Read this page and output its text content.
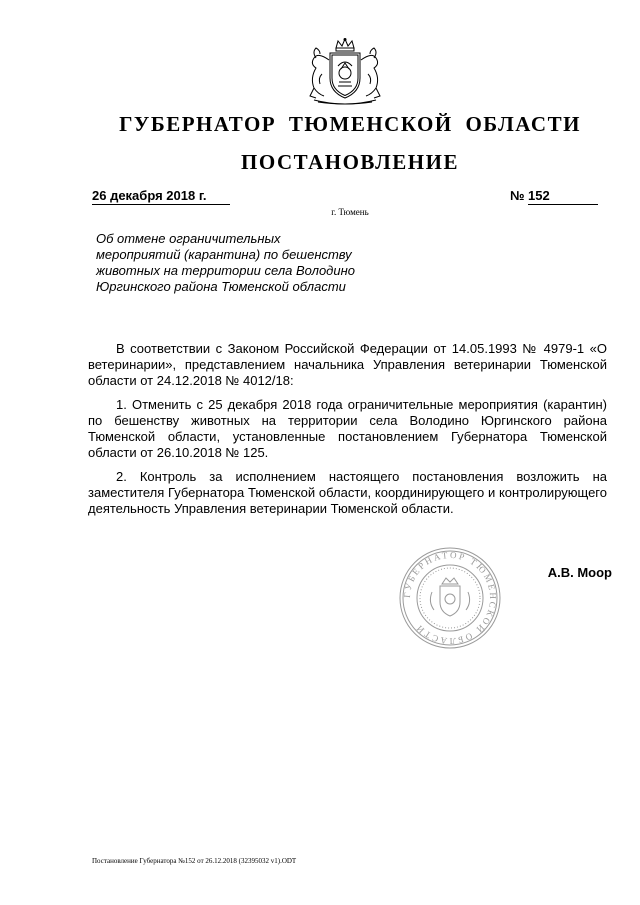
ГУБЕРНАТОР ТЮМЕНСКОЙ ОБЛАСТИ
ПОСТАНОВЛЕНИЕ
26 декабря 2018 г.	№ 152
г. Тюмень
Об отмене ограничительных
мероприятий (карантина) по бешенству
животных на территории села Володино
Юргинского района Тюменской области

В соответствии с Законом Российской Федерации от 14.05.1993 № 4979-1 «О ветеринарии», представлением начальника Управления ветеринарии Тюменской области от 24.12.2018 № 4012/18:

1. Отменить с 25 декабря 2018 года ограничительные мероприятия (карантин) по бешенству животных на территории села Володино Юргинского района Тюменской области, установленные постановлением Губернатора Тюменской области от 26.10.2018 № 125.

2. Контроль за исполнением настоящего постановления возложить на заместителя Губернатора Тюменской области, координирующего и контролирующего деятельность Управления ветеринарии Тюменской области.

ГУБЕРНАТОР ТЮМЕНСКОЙ ОБЛАСТИ
А.В. Моор
Постановление Губернатора №152 от 26.12.2018 (32395032 v1).ODT
